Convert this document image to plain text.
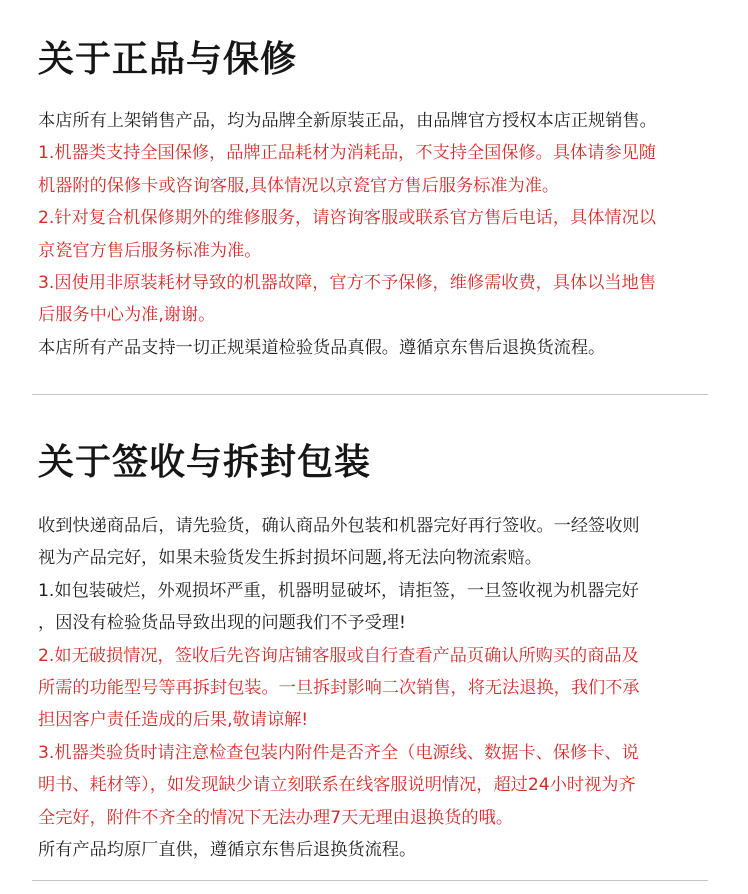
关于正品与保修

本店所有上架销售产品，均为品牌全新原装正品，由品牌官方授权本店正规销售。

1.机器类支持全国保修，品牌正品耗材为消耗品，不支持全国保修。具体请参见随
机器附的保修卡或咨询客服,具体情况以京瓷官方售后服务标准为准。

2.针对复合机保修期外的维修服务，请咨询客服或联系官方售后电话，具体情况以
京瓷官方售后服务标准为准。

3.因使用非原装耗材导致的机器故障，官方不予保修，维修需收费，具体以当地售
后服务中心为准,谢谢。

本店所有产品支持一切正规渠道检验货品真假。遵循京东售后退换货流程。

关于签收与拆封包装

收到快递商品后，请先验货，确认商品外包装和机器完好再行签收。一经签收则
视为产品完好，如果未验货发生拆封损坏问题,将无法向物流索赔。

1.如包装破烂，外观损坏严重，机器明显破坏，请拒签，一旦签收视为机器完好
，因没有检验货品导致出现的问题我们不予受理!

2.如无破损情况，签收后先咨询店铺客服或自行查看产品页确认所购买的商品及
所需的功能型号等再拆封包装。一旦拆封影响二次销售，将无法退换，我们不承
担因客户责任造成的后果,敬请谅解!

3.机器类验货时请注意检查包装内附件是否齐全（电源线、数据卡、保修卡、说
明书、耗材等），如发现缺少请立刻联系在线客服说明情况，超过24小时视为齐
全完好，附件不齐全的情况下无法办理7天无理由退换货的哦。

所有产品均原厂直供，遵循京东售后退换货流程。
